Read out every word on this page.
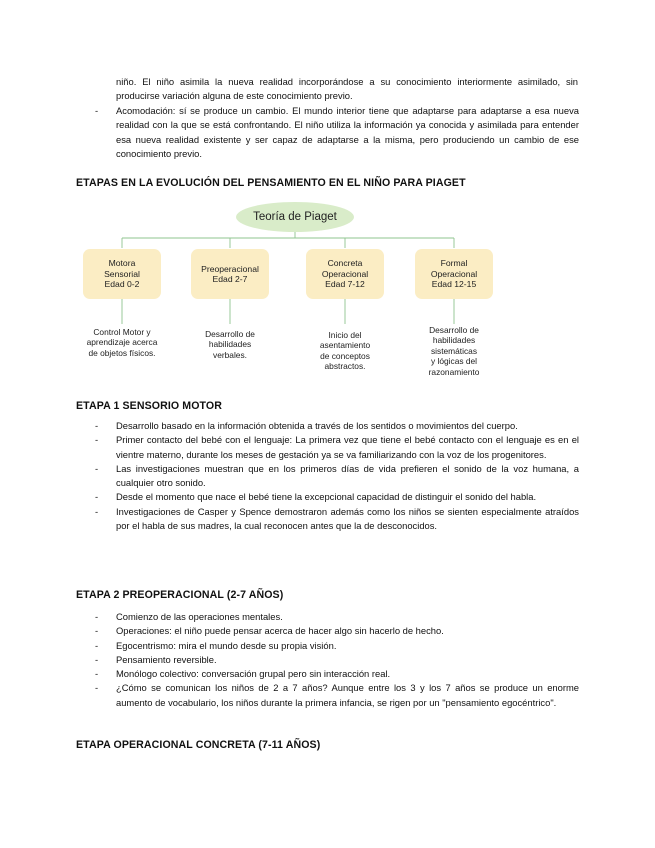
niño. El niño asimila la nueva realidad incorporándose a su conocimiento interiormente asimilado, sin producirse variación alguna de este conocimiento previo.
- Acomodación: sí se produce un cambio. El mundo interior tiene que adaptarse para adaptarse a esa nueva realidad con la que se está confrontando. El niño utiliza la información ya conocida y asimilada para entender esa nueva realidad existente y ser capaz de adaptarse a la misma, pero produciendo un cambio de ese conocimiento previo.
ETAPAS EN LA EVOLUCIÓN DEL PENSAMIENTO EN EL NIÑO PARA PIAGET
Teoría de Piaget
Motora
Sensorial
Edad 0-2
Preoperacional
Edad 2-7
Concreta
Operacional
Edad 7-12
Formal
Operacional
Edad 12-15
Control Motor y
aprendizaje acerca
de objetos físicos.
Desarrollo de
habilidades
verbales.
Inicio del
asentamiento
de conceptos
abstractos.
Desarrollo de
habilidades
sistemáticas
y lógicas del
razonamiento
ETAPA 1 SENSORIO MOTOR
- Desarrollo basado en la información obtenida a través de los sentidos o movimientos del cuerpo.
- Primer contacto del bebé con el lenguaje: La primera vez que tiene el bebé contacto con el lenguaje es en el vientre materno, durante los meses de gestación ya se va familiarizando con la voz de los progenitores.
- Las investigaciones muestran que en los primeros días de vida prefieren el sonido de la voz humana, a cualquier otro sonido.
- Desde el momento que nace el bebé tiene la excepcional capacidad de distinguir el sonido del habla.
- Investigaciones de Casper y Spence demostraron además como los niños se sienten especialmente atraídos por el habla de sus madres, la cual reconocen antes que la de desconocidos.
ETAPA 2 PREOPERACIONAL (2-7 AÑOS)
- Comienzo de las operaciones mentales.
- Operaciones: el niño puede pensar acerca de hacer algo sin hacerlo de hecho.
- Egocentrismo: mira el mundo desde su propia visión.
- Pensamiento reversible.
- Monólogo colectivo: conversación grupal pero sin interacción real.
- ¿Cómo se comunican los niños de 2 a 7 años? Aunque entre los 3 y los 7 años se produce un enorme aumento de vocabulario, los niños durante la primera infancia, se rigen por un "pensamiento egocéntrico".
ETAPA OPERACIONAL CONCRETA (7-11 AÑOS)
